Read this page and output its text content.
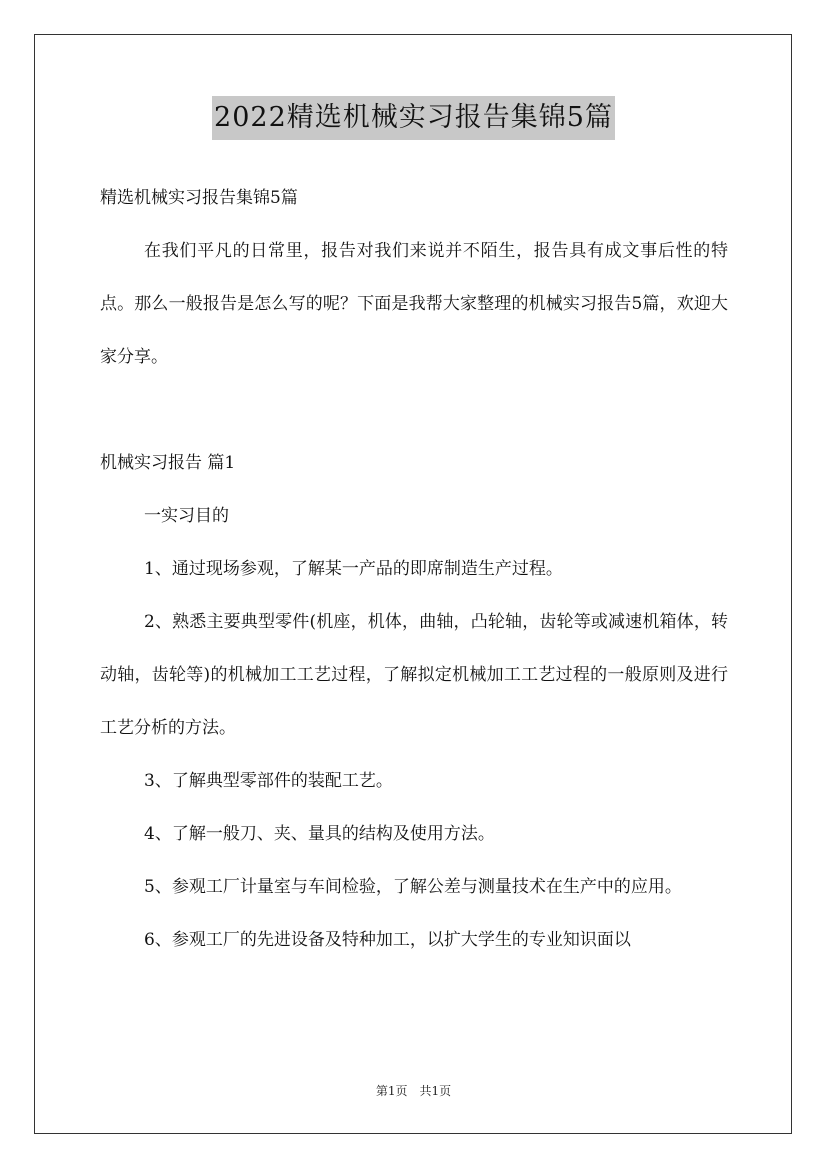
2022精选机械实习报告集锦5篇

精选机械实习报告集锦5篇

在我们平凡的日常里，报告对我们来说并不陌生，报告具有成文事后性的特点。那么一般报告是怎么写的呢？下面是我帮大家整理的机械实习报告5篇，欢迎大家分享。

机械实习报告 篇1

一实习目的

1、通过现场参观，了解某一产品的即席制造生产过程。

2、熟悉主要典型零件(机座，机体，曲轴，凸轮轴，齿轮等或减速机箱体，转动轴，齿轮等)的机械加工工艺过程，了解拟定机械加工工艺过程的一般原则及进行工艺分析的方法。

3、了解典型零部件的装配工艺。

4、了解一般刀、夹、量具的结构及使用方法。

5、参观工厂计量室与车间检验，了解公差与测量技术在生产中的应用。

6、参观工厂的先进设备及特种加工，以扩大学生的专业知识面以

第1页　共1页
